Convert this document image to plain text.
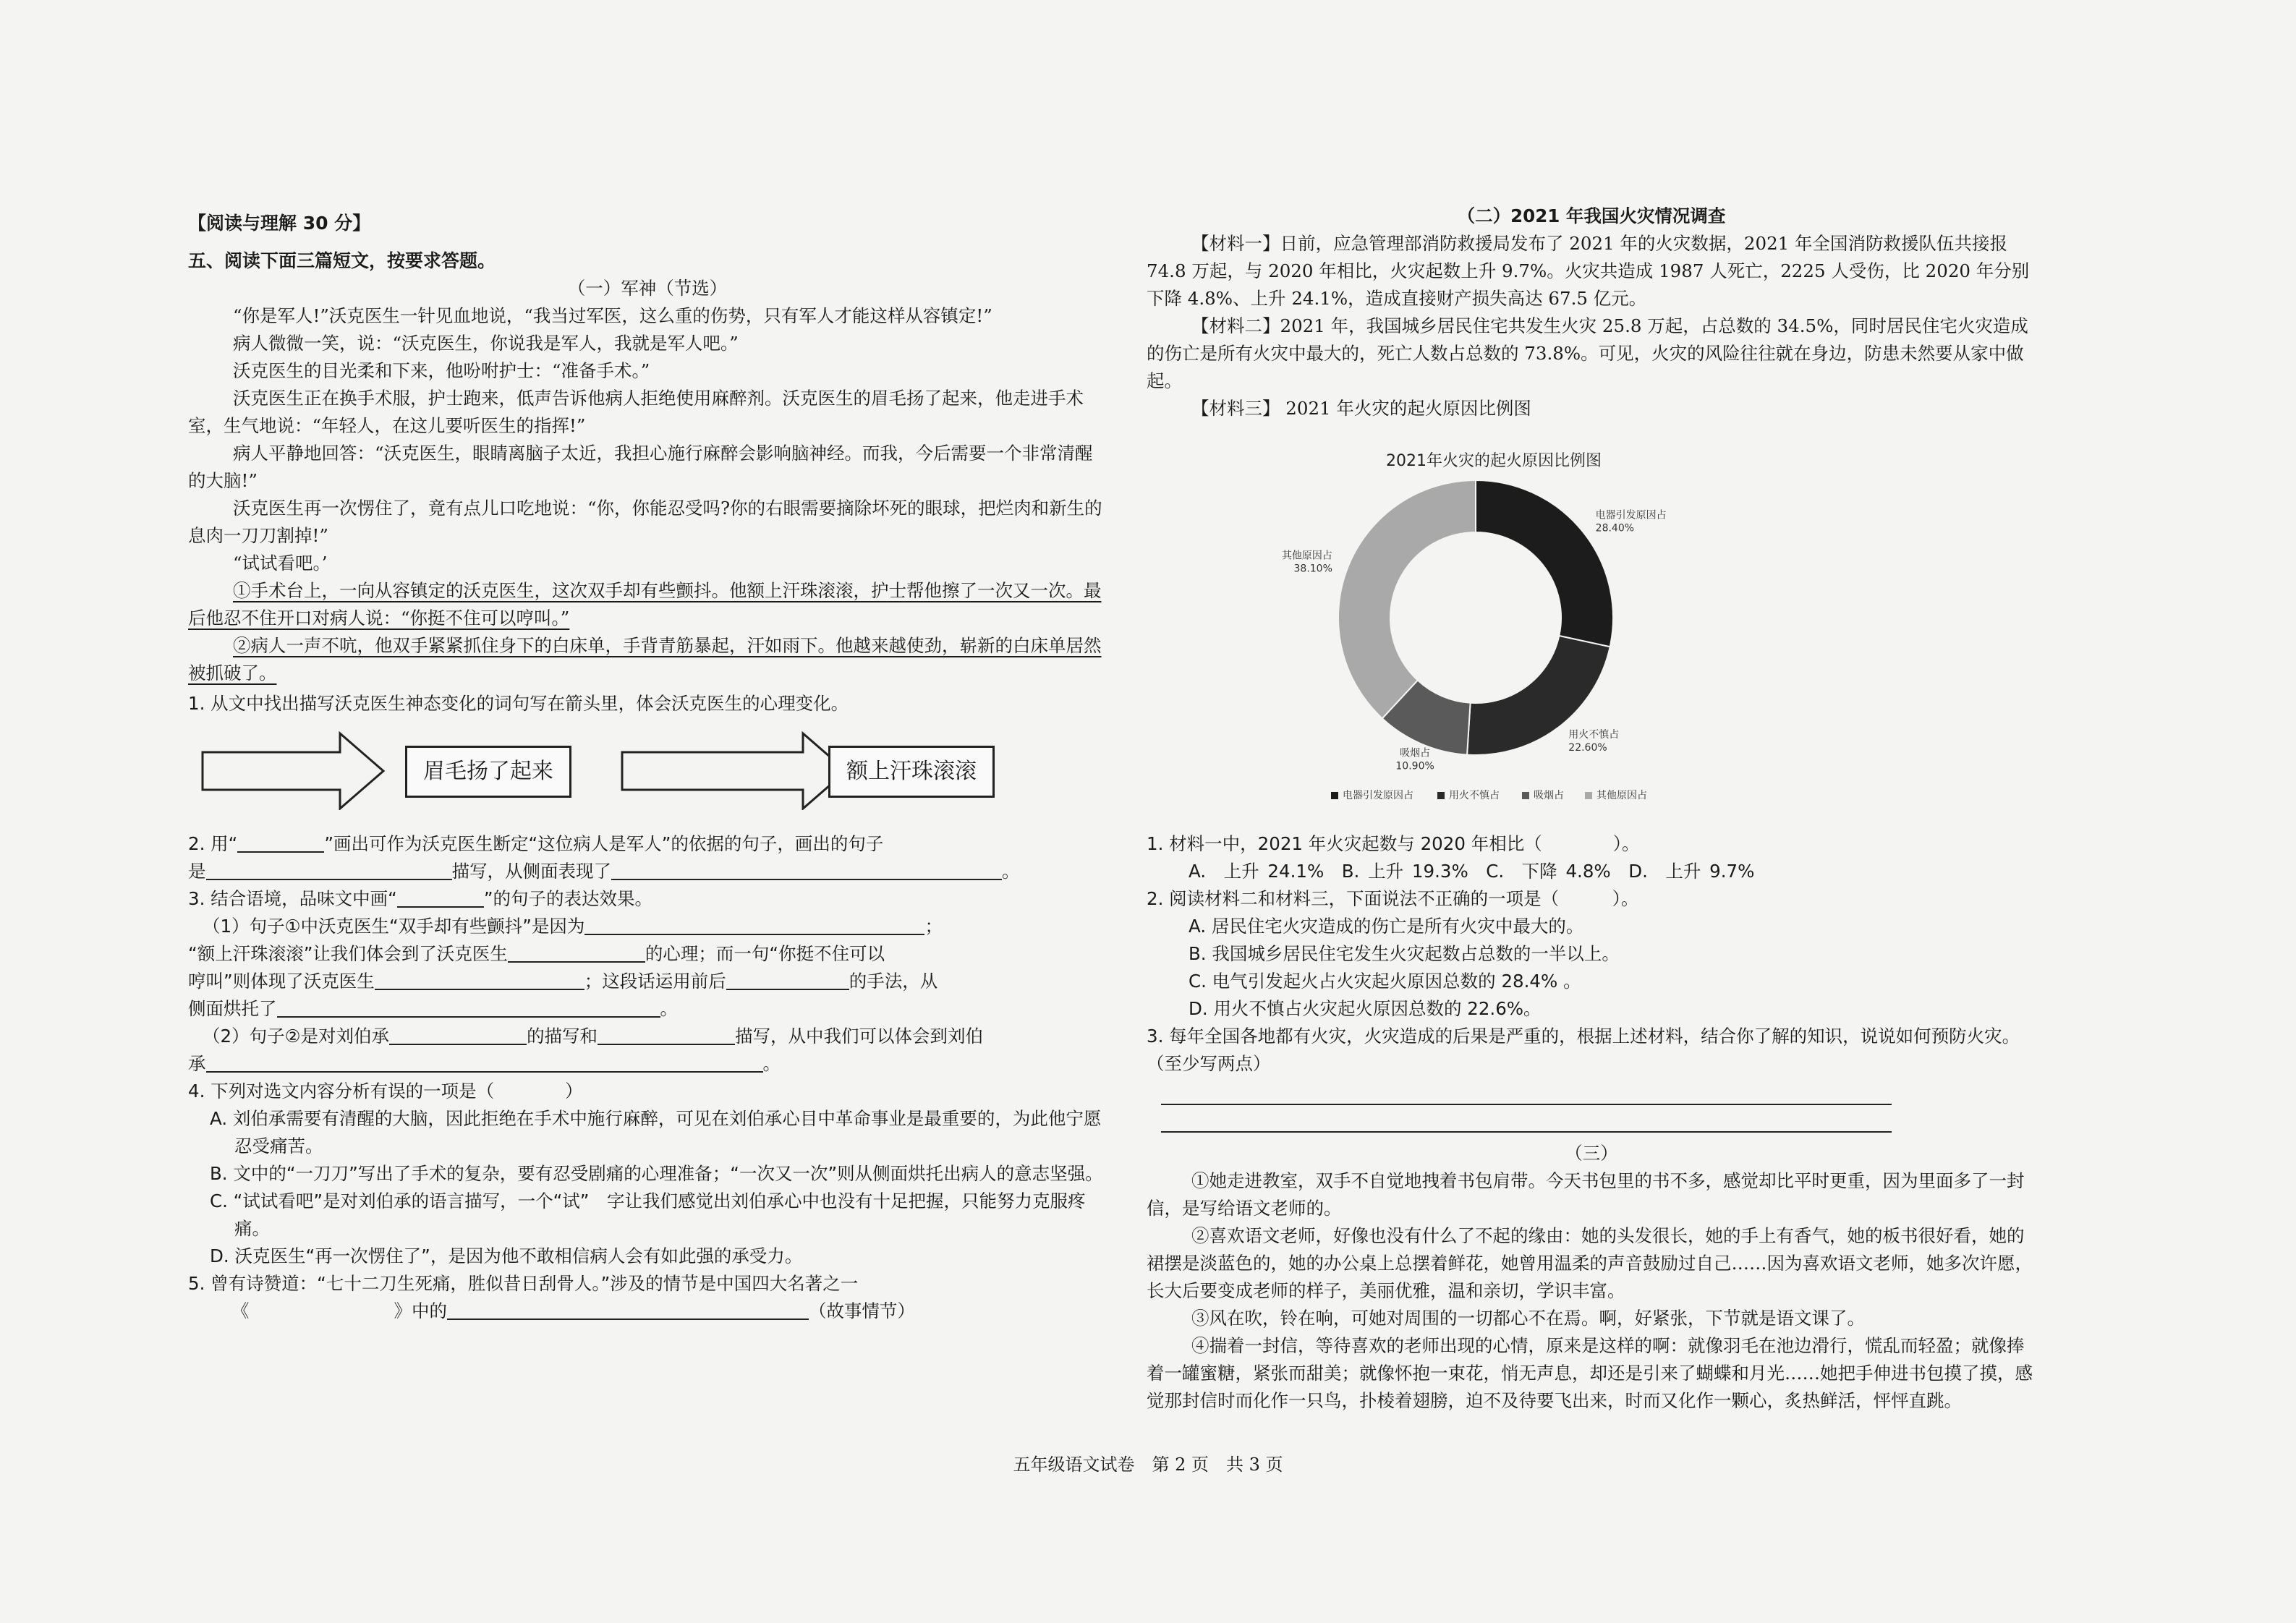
【阅读与理解 30 分】

五、阅读下面三篇短文，按要求答题。

（一）军神（节选）

“你是军人!”沃克医生一针见血地说，“我当过军医，这么重的伤势，只有军人才能这样从容镇定!”

病人微微一笑，说：“沃克医生，你说我是军人，我就是军人吧。”

沃克医生的目光柔和下来，他吩咐护士：“准备手术。”

沃克医生正在换手术服，护士跑来，低声告诉他病人拒绝使用麻醉剂。沃克医生的眉毛扬了起来，他走进手术室，生气地说：“年轻人，在这儿要听医生的指挥!”

病人平静地回答：“沃克医生，眼睛离脑子太近，我担心施行麻醉会影响脑神经。而我，今后需要一个非常清醒的大脑!”

沃克医生再一次愣住了，竟有点儿口吃地说：“你，你能忍受吗?你的右眼需要摘除坏死的眼球，把烂肉和新生的息肉一刀刀割掉!”

“试试看吧。’

①手术台上，一向从容镇定的沃克医生，这次双手却有些颤抖。他额上汗珠滚滚，护士帮他擦了一次又一次。最后他忍不住开口对病人说：“你挺不住可以哼叫。”

②病人一声不吭，他双手紧紧抓住身下的白床单，手背青筋暴起，汗如雨下。他越来越使劲，崭新的白床单居然被抓破了。

1. 从文中找出描写沃克医生神态变化的词句写在箭头里，体会沃克医生的心理变化。

眉毛扬了起来	额上汗珠滚滚

2. 用“	”画出可作为沃克医生断定“这位病人是军人”的依据的句子，画出的句子

是	描写，从侧面表现了	。

3. 结合语境，品味文中画“	”的句子的表达效果。

（1）句子①中沃克医生“双手却有些颤抖”是因为	；

“额上汗珠滚滚”让我们体会到了沃克医生	的心理；而一句“你挺不住可以

哼叫”则体现了沃克医生	；这段话运用前后	的手法，从

侧面烘托了	。

（2）句子②是对刘伯承	的描写和	描写，从中我们可以体会到刘伯

承	。

4. 下列对选文内容分析有误的一项是（　　　　）

A. 刘伯承需要有清醒的大脑，因此拒绝在手术中施行麻醉，可见在刘伯承心目中革命事业是最重要的，为此他宁愿忍受痛苦。

B. 文中的“一刀刀”写出了手术的复杂，要有忍受剧痛的心理准备；“一次又一次”则从侧面烘托出病人的意志坚强。

C. “试试看吧”是对刘伯承的语言描写，一个“试”　字让我们感觉出刘伯承心中也没有十足把握，只能努力克服疼痛。

D. 沃克医生“再一次愣住了”，是因为他不敢相信病人会有如此强的承受力。

5. 曾有诗赞道：“七十二刀生死痛，胜似昔日刮骨人。”涉及的情节是中国四大名著之一

《	》中的	（故事情节）

（二）2021 年我国火灾情况调查

【材料一】日前，应急管理部消防救援局发布了 2021 年的火灾数据，2021 年全国消防救援队伍共接报 74.8 万起，与 2020 年相比，火灾起数上升 9.7%。火灾共造成 1987 人死亡，2225 人受伤，比 2020 年分别下降 4.8%、上升 24.1%，造成直接财产损失高达 67.5 亿元。

【材料二】2021 年，我国城乡居民住宅共发生火灾 25.8 万起，占总数的 34.5%，同时居民住宅火灾造成的伤亡是所有火灾中最大的，死亡人数占总数的 73.8%。可见，火灾的风险往往就在身边，防患未然要从家中做起。

【材料三】 2021 年火灾的起火原因比例图

2021年火灾的起火原因比例图
电器引发原因占
28.40%
用火不慎占
22.60%
吸烟占
10.90%
其他原因占
38.10%
电器引发原因占	用火不慎占	吸烟占	其他原因占

1. 材料一中，2021 年火灾起数与 2020 年相比（　　　　）。

A.　上升 24.1%　 B. 上升 19.3%　 C.　下降 4.8%　 D.　上升 9.7%

2. 阅读材料二和材料三，下面说法不正确的一项是（　　　）。

A. 居民住宅火灾造成的伤亡是所有火灾中最大的。

B. 我国城乡居民住宅发生火灾起数占总数的一半以上。

C. 电气引发起火占火灾起火原因总数的 28.4% 。

D. 用火不慎占火灾起火原因总数的 22.6%。

3. 每年全国各地都有火灾，火灾造成的后果是严重的，根据上述材料，结合你了解的知识，说说如何预防火灾。（至少写两点）

（三）

①她走进教室，双手不自觉地拽着书包肩带。今天书包里的书不多，感觉却比平时更重，因为里面多了一封信，是写给语文老师的。

②喜欢语文老师，好像也没有什么了不起的缘由：她的头发很长，她的手上有香气，她的板书很好看，她的裙摆是淡蓝色的，她的办公桌上总摆着鲜花，她曾用温柔的声音鼓励过自己……因为喜欢语文老师，她多次许愿，长大后要变成老师的样子，美丽优雅，温和亲切，学识丰富。

③风在吹，铃在响，可她对周围的一切都心不在焉。啊，好紧张，下节就是语文课了。

④揣着一封信，等待喜欢的老师出现的心情，原来是这样的啊：就像羽毛在池边滑行，慌乱而轻盈；就像捧着一罐蜜糖，紧张而甜美；就像怀抱一束花，悄无声息，却还是引来了蝴蝶和月光……她把手伸进书包摸了摸，感觉那封信时而化作一只鸟，扑棱着翅膀，迫不及待要飞出来，时而又化作一颗心，炙热鲜活，怦怦直跳。

五年级语文试卷　第 2 页　共 3 页
